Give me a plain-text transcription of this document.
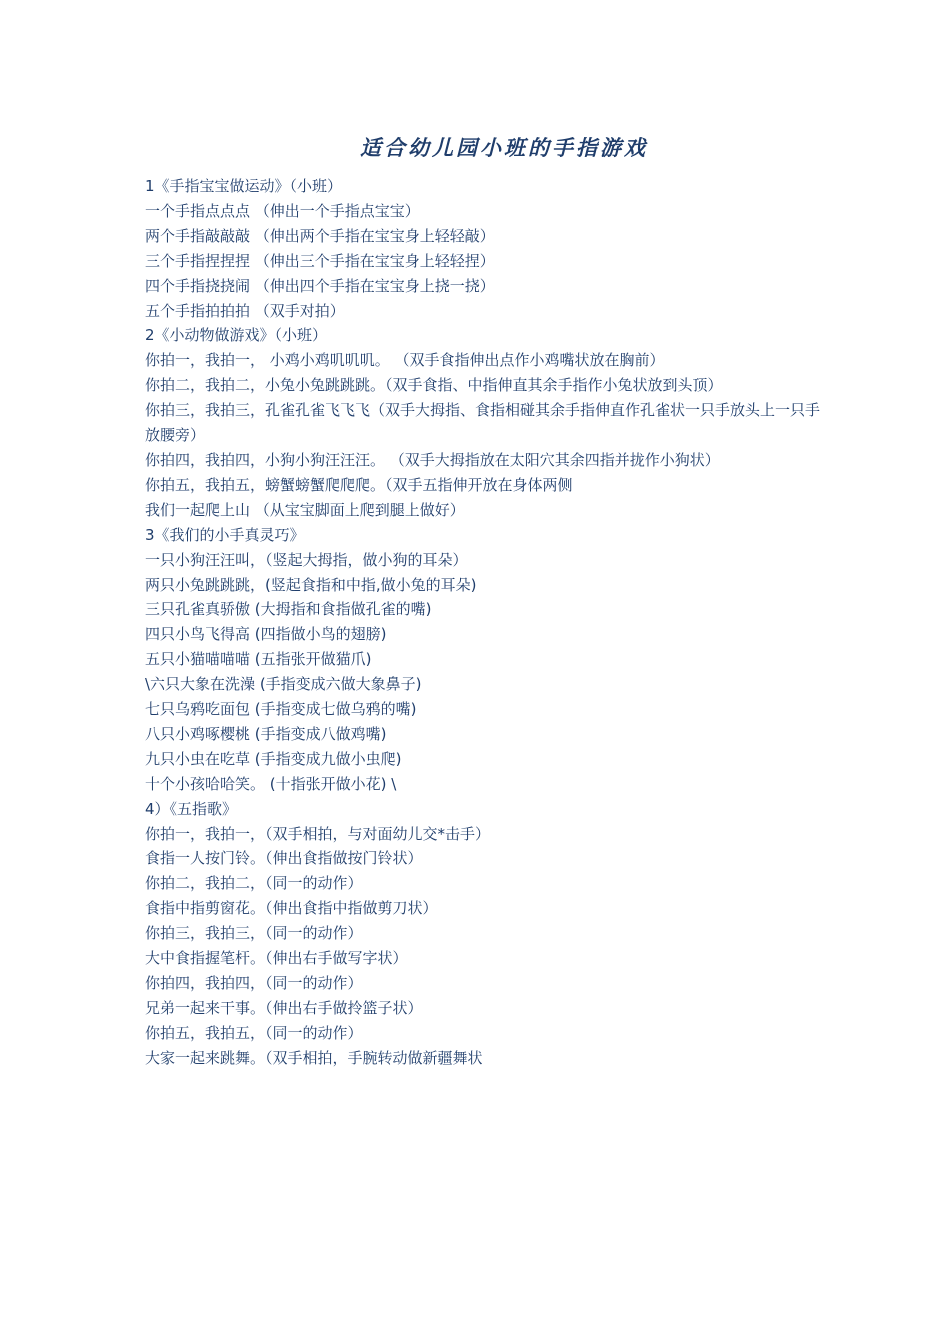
适合幼儿园小班的手指游戏

1《手指宝宝做运动》（小班）

一个手指点点点 （伸出一个手指点宝宝）

两个手指敲敲敲 （伸出两个手指在宝宝身上轻轻敲）

三个手指捏捏捏 （伸出三个手指在宝宝身上轻轻捏）

四个手指挠挠闹 （伸出四个手指在宝宝身上挠一挠）

五个手指拍拍拍 （双手对拍）

2《小动物做游戏》（小班）

你拍一，我拍一， 小鸡小鸡叽叽叽。 （双手食指伸出点作小鸡嘴状放在胸前）

你拍二，我拍二，小兔小兔跳跳跳。（双手食指、中指伸直其余手指作小兔状放到头顶）

你拍三，我拍三，孔雀孔雀飞飞飞（双手大拇指、食指相碰其余手指伸直作孔雀状一只手放头上一只手放腰旁）

你拍四，我拍四，小狗小狗汪汪汪。 （双手大拇指放在太阳穴其余四指并拢作小狗状）

你拍五，我拍五，螃蟹螃蟹爬爬爬。（双手五指伸开放在身体两侧

我们一起爬上山 （从宝宝脚面上爬到腿上做好）

3《我们的小手真灵巧》

一只小狗汪汪叫，（竖起大拇指，做小狗的耳朵）

两只小兔跳跳跳，(竖起食指和中指,做小兔的耳朵)

三只孔雀真骄傲 (大拇指和食指做孔雀的嘴)

四只小鸟飞得高 (四指做小鸟的翅膀)

五只小猫喵喵喵 (五指张开做猫爪)

\六只大象在洗澡 (手指变成六做大象鼻子)

七只乌鸦吃面包 (手指变成七做乌鸦的嘴)

八只小鸡啄樱桃 (手指变成八做鸡嘴)

九只小虫在吃草 (手指变成九做小虫爬)

十个小孩哈哈笑。 (十指张开做小花) \

4）《五指歌》

你拍一，我拍一，（双手相拍，与对面幼儿交*击手）

食指一人按门铃。（伸出食指做按门铃状）

你拍二，我拍二，（同一的动作）

食指中指剪窗花。（伸出食指中指做剪刀状）

你拍三，我拍三，（同一的动作）

大中食指握笔杆。（伸出右手做写字状）

你拍四，我拍四，（同一的动作）

兄弟一起来干事。（伸出右手做拎篮子状）

你拍五，我拍五，（同一的动作）

大家一起来跳舞。（双手相拍，手腕转动做新疆舞状
